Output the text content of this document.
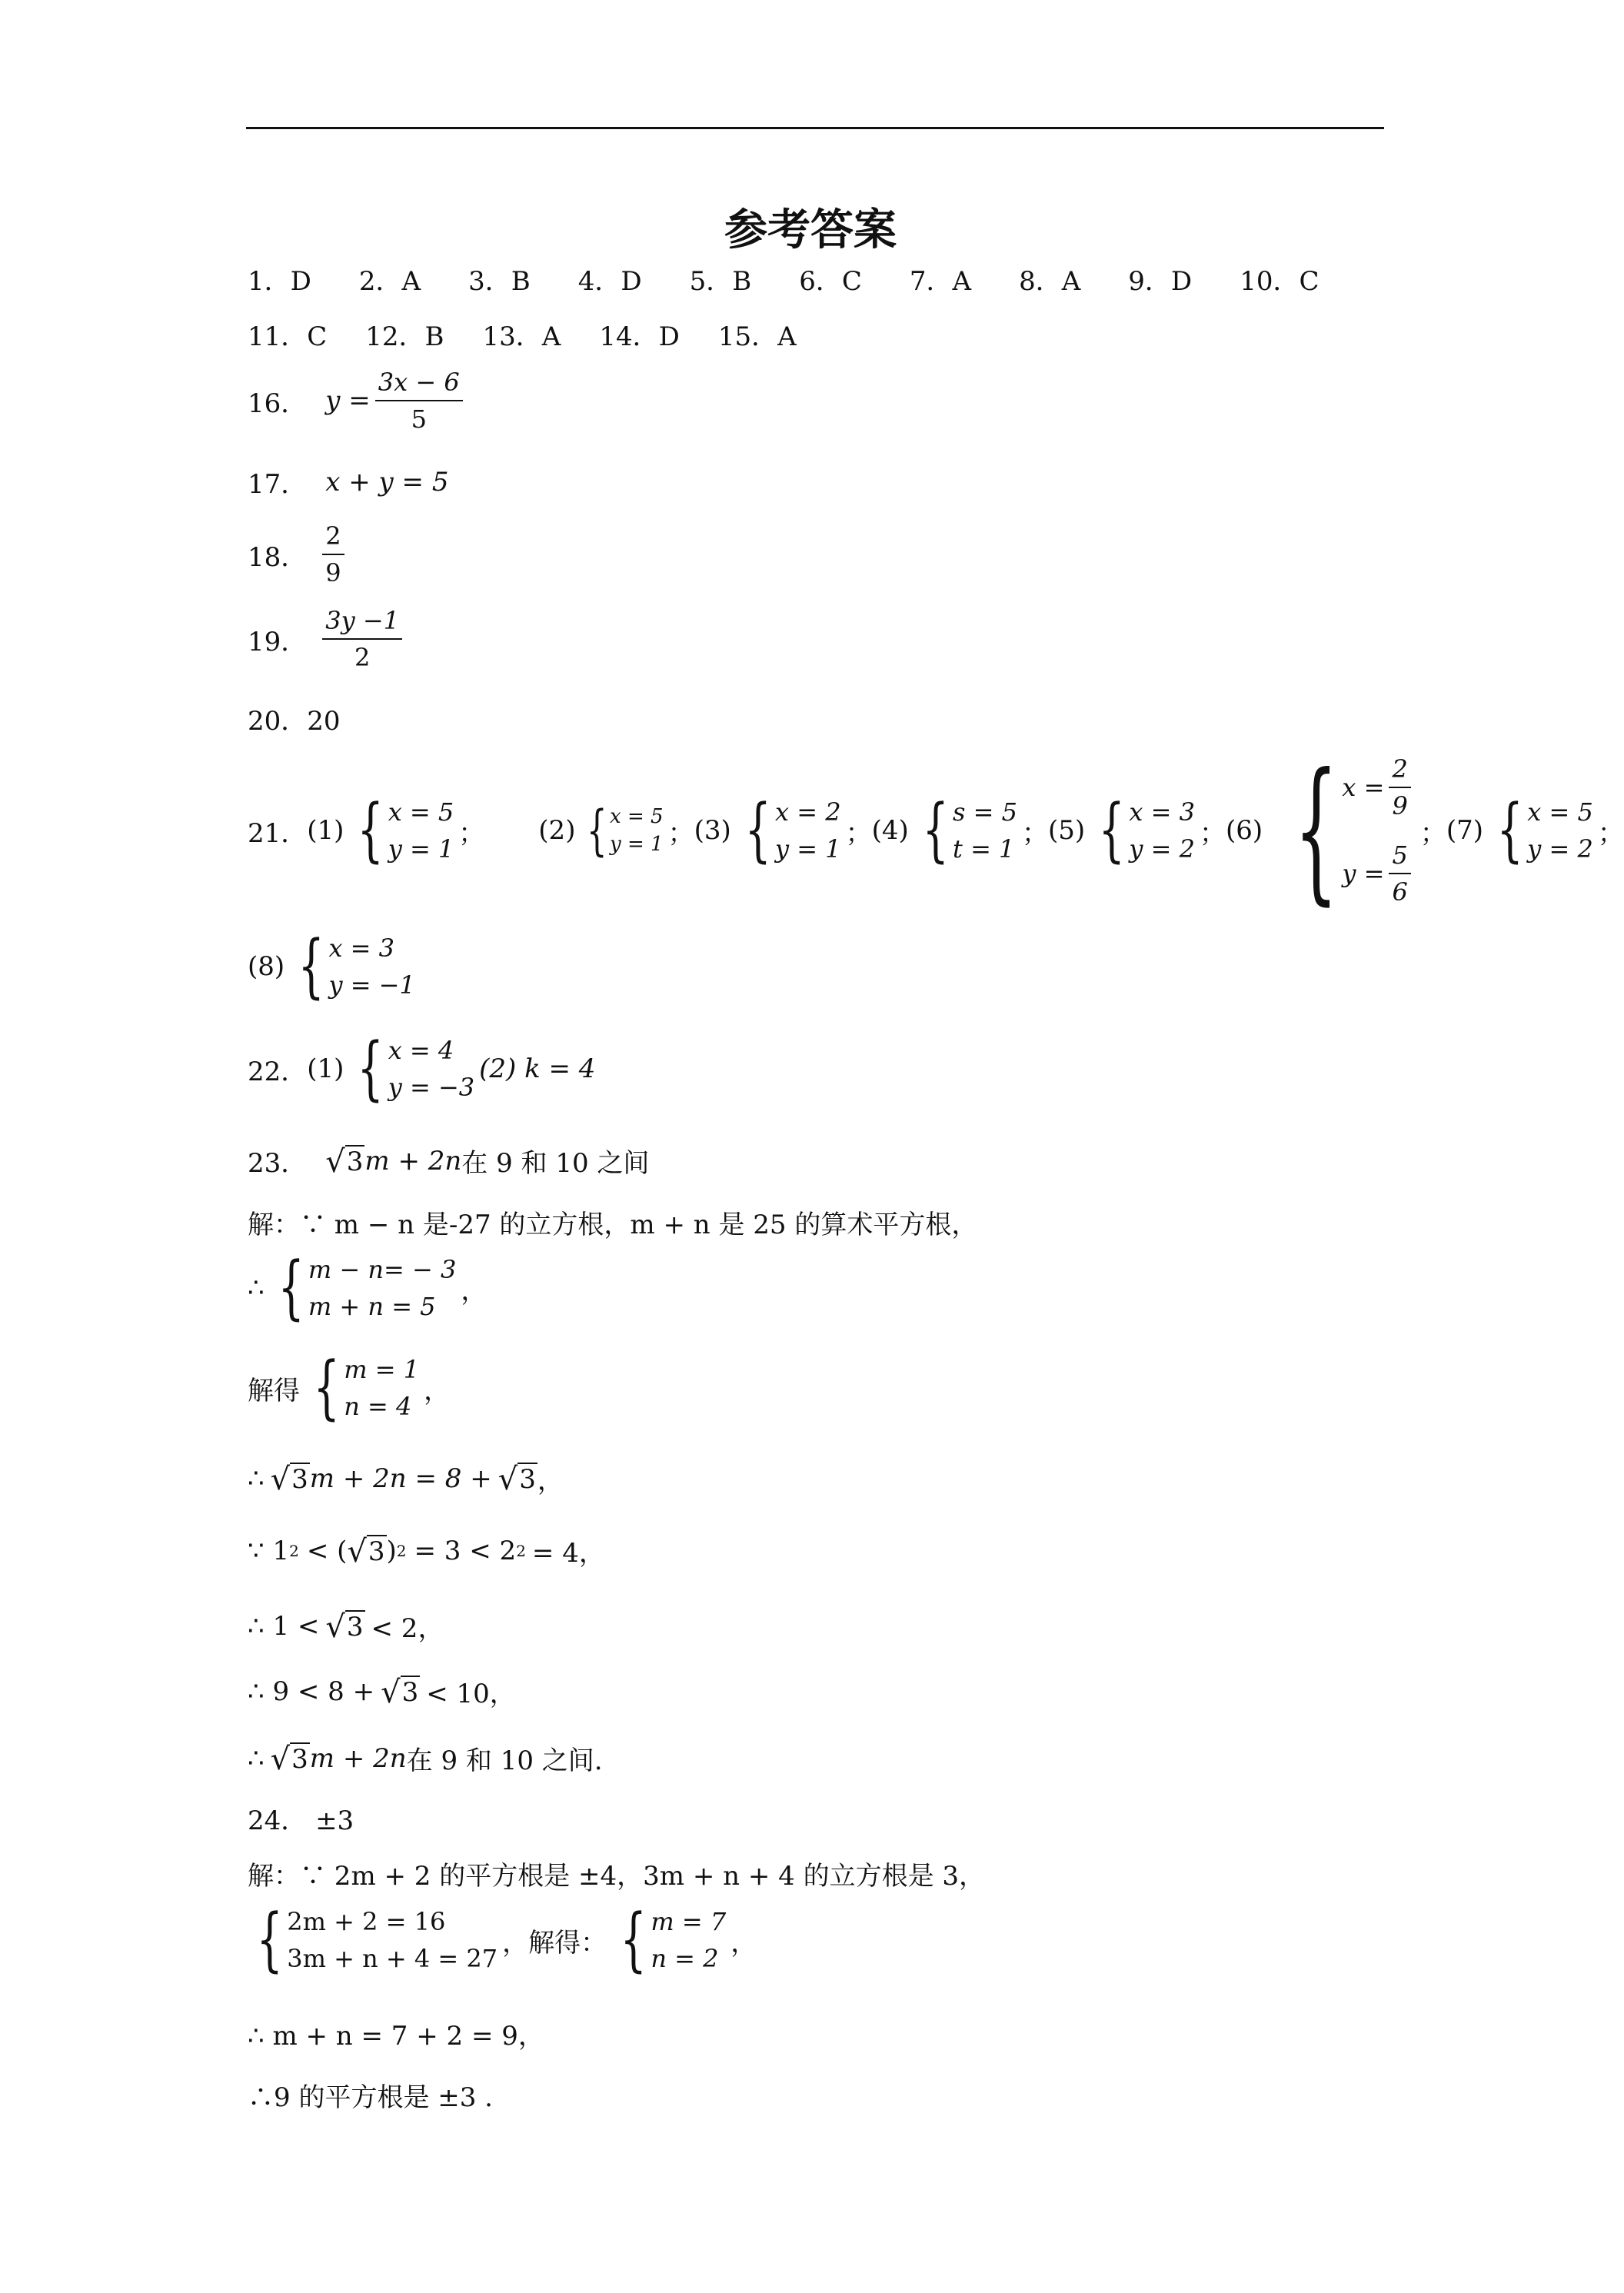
参考答案
1．D 2．A 3．B 4．D 5．B 6．C 7．A 8．A 9．D 10．C
11．C 12．B 13．A 14．D 15．A
16． $y = \frac{3x - 6}{5}$
17． x + y = 5
18． $\frac{2}{9}$
19． $\frac{3y -1}{2}$
20．20
21． (1) { x = 5
y = 1
； (2) { x = 5
y = 1 ； (3) { x = 2
y = 1
； (4) { s = 5
t = 1
； (5) { x = 3
y = 2
； (6) { $x = \frac{2}{9}$
$y = \frac{5}{6}$
； (7) { x = 5
y = 2
；
(8) { x = 3
y = −1
22． (1) { x = 4
y = −3
(2) k = 4
23． √ 3 m + 2n 在 9 和 10 之间
解：∵ m − n 是-27 的立方根，m + n 是 25 的算术平方根，
∴ { m − n= − 3
m + n = 5
，
解得 { m = 1
n = 4
，
∴ √ 3 m + 2n = 8 + √ 3 ，
∵ 1 2 < ( √ 3 ) 2 = 3 < 2 2 = 4，
∴ 1 < √ 3 < 2，
∴ 9 < 8 + √ 3 < 10，
∴ √ 3 m + 2n 在 9 和 10 之间.
24． ±3
解：∵ 2m + 2 的平方根是 ±4，3m + n + 4 的立方根是 3，
{ 2m + 2 = 16
3m + n + 4 = 27
，解得： { m = 7
n = 2
，
∴ m + n = 7 + 2 = 9，
∴9 的平方根是 ±3 .
